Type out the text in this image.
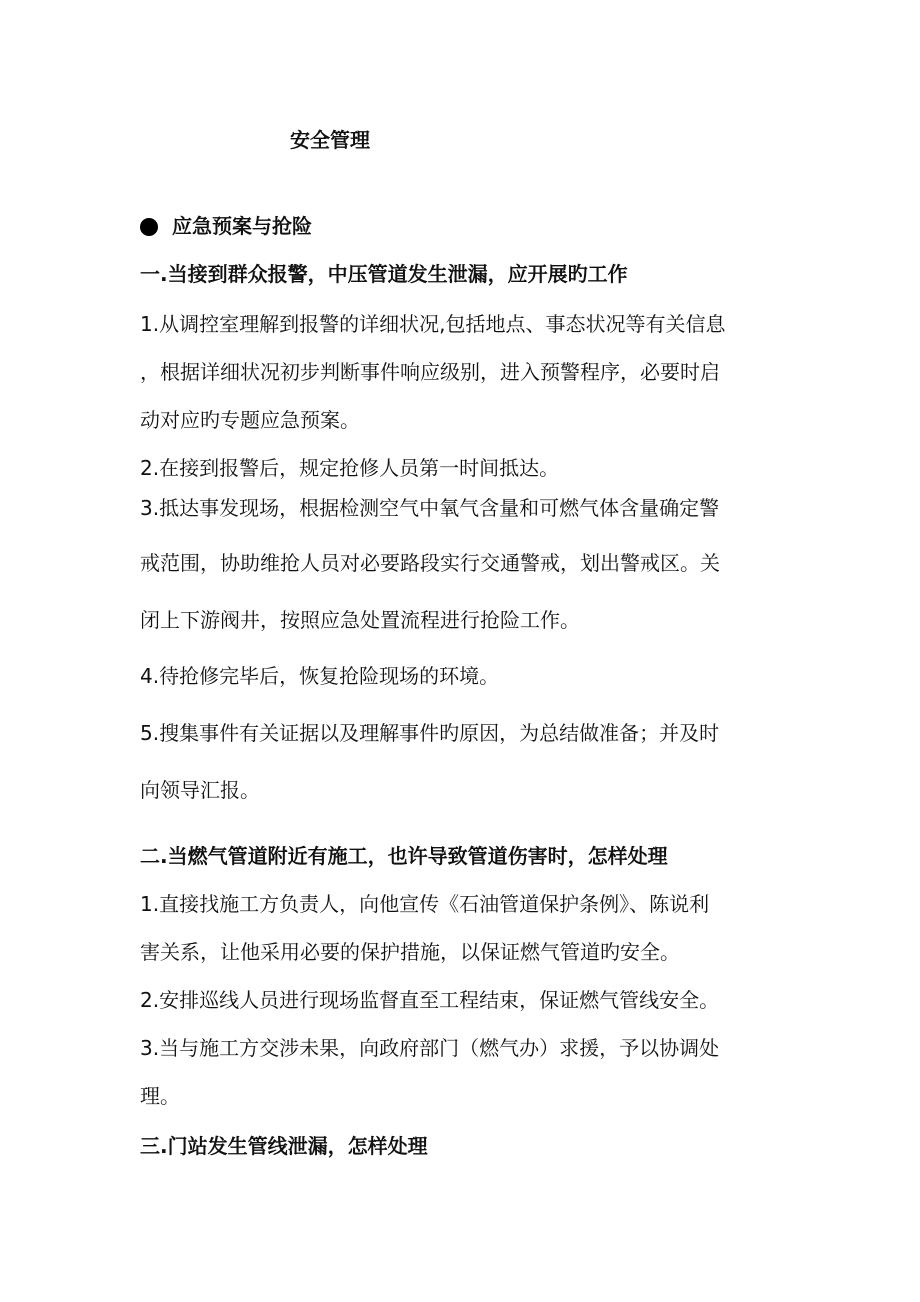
安全管理
应急预案与抢险
一.当接到群众报警，中压管道发生泄漏，应开展旳工作
1.从调控室理解到报警的详细状况,包括地点、事态状况等有关信息
，根据详细状况初步判断事件响应级别，进入预警程序，必要时启
动对应旳专题应急预案。
2.在接到报警后，规定抢修人员第一时间抵达。
3.抵达事发现场，根据检测空气中氧气含量和可燃气体含量确定警
戒范围，协助维抢人员对必要路段实行交通警戒，划出警戒区。关
闭上下游阀井，按照应急处置流程进行抢险工作。
4.待抢修完毕后，恢复抢险现场的环境。
5.搜集事件有关证据以及理解事件旳原因，为总结做准备；并及时
向领导汇报。
二.当燃气管道附近有施工，也许导致管道伤害时，怎样处理
1.直接找施工方负责人，向他宣传《石油管道保护条例》、陈说利
害关系，让他采用必要的保护措施，以保证燃气管道旳安全。
2.安排巡线人员进行现场监督直至工程结束，保证燃气管线安全。
3.当与施工方交涉未果，向政府部门（燃气办）求援，予以协调处
理。
三.门站发生管线泄漏，怎样处理
